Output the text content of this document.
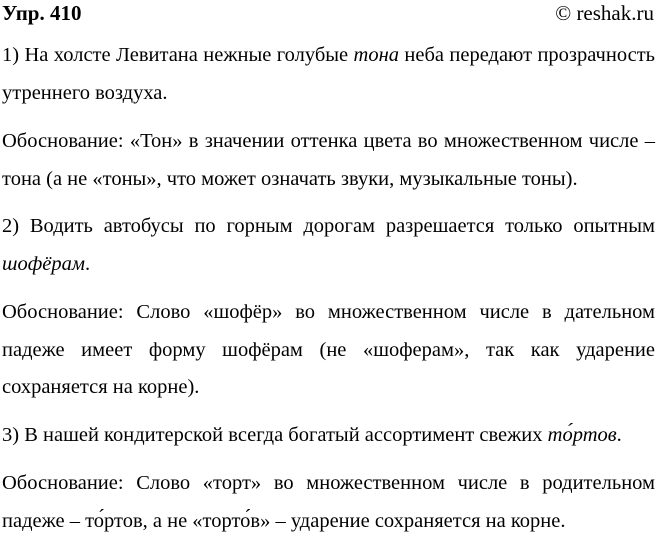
Упр. 410	© reshak.ru

1) На холсте Левитана нежные голубые тона неба передают прозрачность утреннего воздуха.

Обоснование: «Тон» в значении оттенка цвета во множественном числе – тона (а не «тоны», что может означать звуки, музыкальные тоны).

2) Водить автобусы по горным дорогам разрешается только опытным шофёрам.

Обоснование: Слово «шофёр» во множественном числе в дательном падеже имеет форму шофёрам (не «шоферам», так как ударение сохраняется на корне).

3) В нашей кондитерской всегда богатый ассортимент свежих то́ртов.

Обоснование: Слово «торт» во множественном числе в родительном падеже – то́ртов, а не «торто́в» – ударение сохраняется на корне.
